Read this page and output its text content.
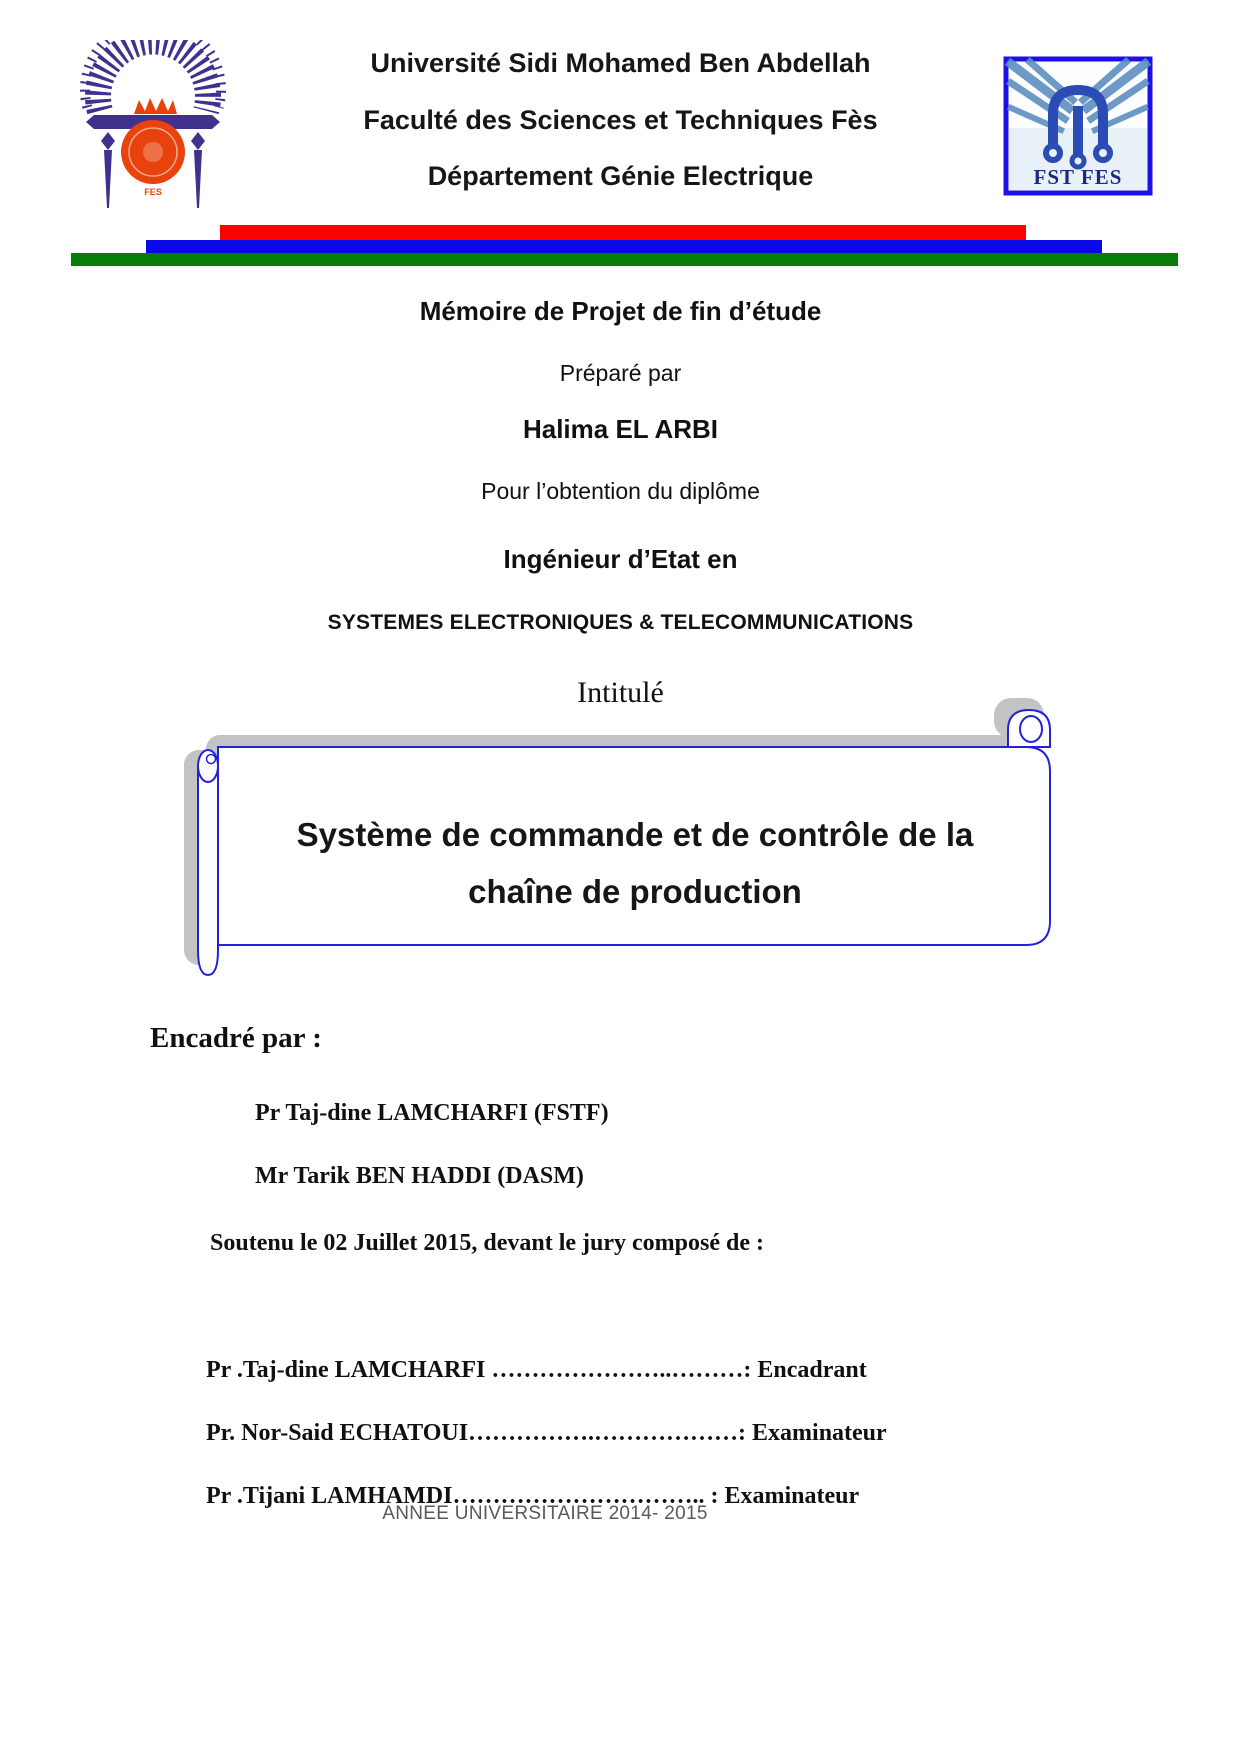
FES
Université Sidi Mohamed Ben Abdellah
Faculté des Sciences et Techniques Fès
Département Génie Electrique	FST FES
Mémoire de Projet de fin d’étude
Préparé par
Halima EL ARBI
Pour l’obtention du diplôme
Ingénieur d’Etat en
SYSTEMES ELECTRONIQUES & TELECOMMUNICATIONS
Intitulé
Système de commande et de contrôle de la
chaîne de production
Encadré par :
Pr Taj-dine LAMCHARFI (FSTF)
Mr Tarik BEN HADDI (DASM)
Soutenu le 02 Juillet 2015, devant le jury composé de :
Pr .Taj-dine LAMCHARFI …………………..………: Encadrant
Pr. Nor-Said ECHATOUI…………….………………: Examinateur
Pr .Tijani LAMHAMDI………………………….. : Examinateur
ANNEE UNIVERSITAIRE 2014- 2015
